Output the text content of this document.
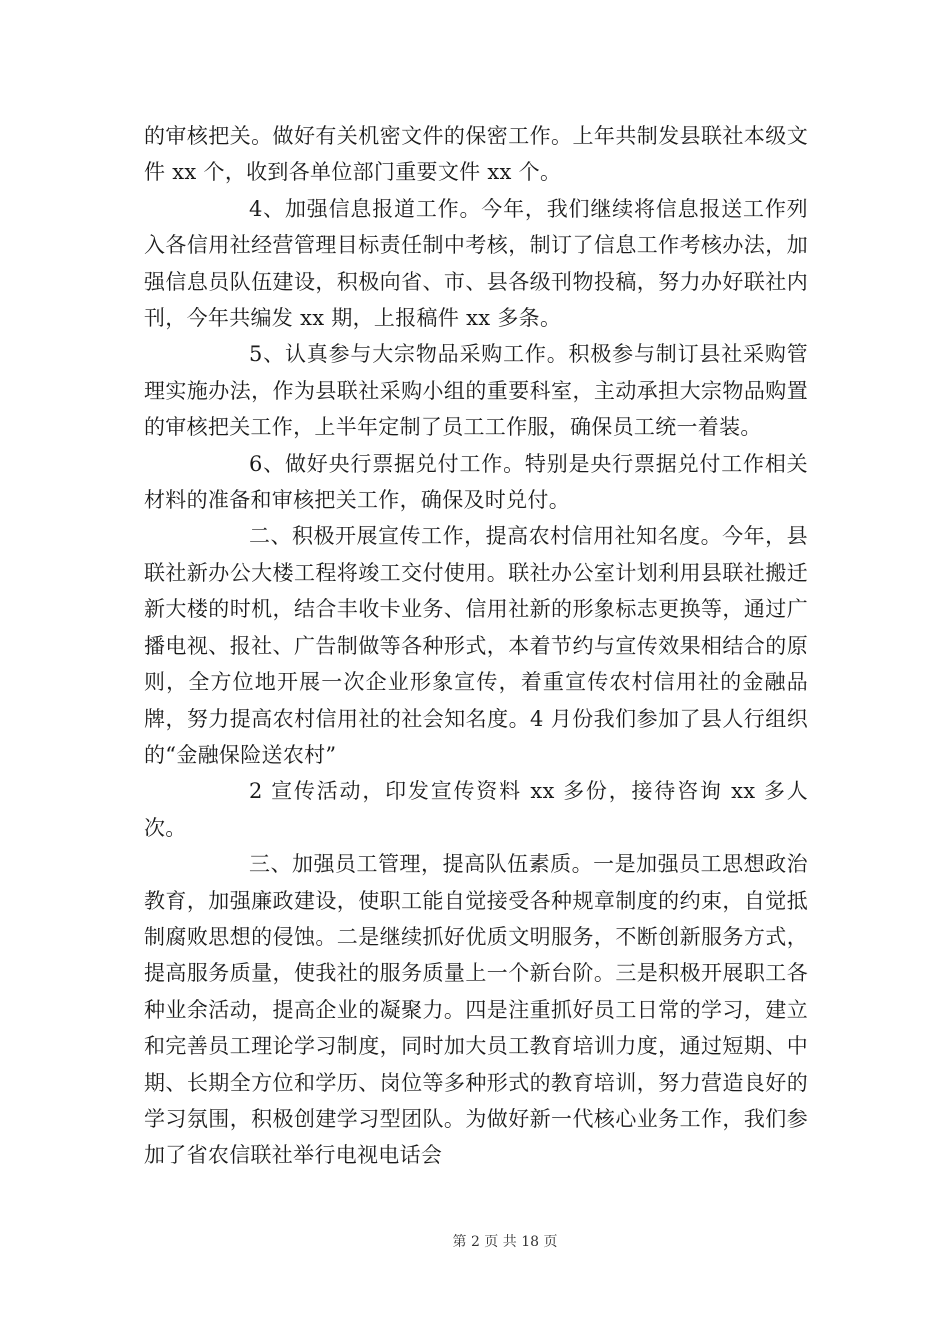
的审核把关。做好有关机密文件的保密工作。上年共制发县联社本级文件 xx 个，收到各单位部门重要文件 xx 个。

4、加强信息报道工作。今年，我们继续将信息报送工作列入各信用社经营管理目标责任制中考核，制订了信息工作考核办法，加强信息员队伍建设，积极向省、市、县各级刊物投稿，努力办好联社内刊，今年共编发 xx 期，上报稿件 xx 多条。

5、认真参与大宗物品采购工作。积极参与制订县社采购管理实施办法，作为县联社采购小组的重要科室，主动承担大宗物品购置的审核把关工作，上半年定制了员工工作服，确保员工统一着装。

6、做好央行票据兑付工作。特别是央行票据兑付工作相关材料的准备和审核把关工作，确保及时兑付。

二、积极开展宣传工作，提高农村信用社知名度。今年，县联社新办公大楼工程将竣工交付使用。联社办公室计划利用县联社搬迁新大楼的时机，结合丰收卡业务、信用社新的形象标志更换等，通过广播电视、报社、广告制做等各种形式，本着节约与宣传效果相结合的原则，全方位地开展一次企业形象宣传，着重宣传农村信用社的金融品牌，努力提高农村信用社的社会知名度。4 月份我们参加了县人行组织的“金融保险送农村”

2 宣传活动，印发宣传资料 xx 多份，接待咨询 xx 多人次。

三、加强员工管理，提高队伍素质。一是加强员工思想政治教育，加强廉政建设，使职工能自觉接受各种规章制度的约束，自觉抵制腐败思想的侵蚀。二是继续抓好优质文明服务，不断创新服务方式，提高服务质量，使我社的服务质量上一个新台阶。三是积极开展职工各种业余活动，提高企业的凝聚力。四是注重抓好员工日常的学习，建立和完善员工理论学习制度，同时加大员工教育培训力度，通过短期、中期、长期全方位和学历、岗位等多种形式的教育培训，努力营造良好的学习氛围，积极创建学习型团队。为做好新一代核心业务工作，我们参加了省农信联社举行电视电话会

第 2 页 共 18 页
